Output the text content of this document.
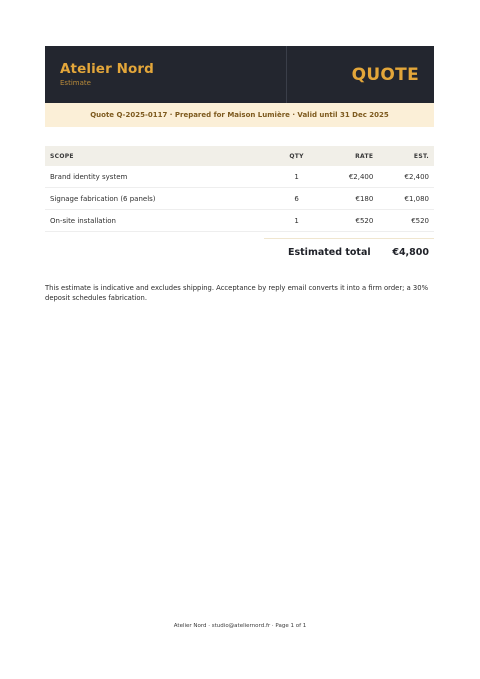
Atelier Nord
Estimate	QUOTE
Quote Q-2025-0117 · Prepared for Maison Lumière · Valid until 31 Dec 2025
SCOPE	QTY	RATE	EST.
Brand identity system	1	€2,400	€2,400
Signage fabrication (6 panels)	6	€180	€1,080
On-site installation	1	€520	€520
Estimated total €4,800
This estimate is indicative and excludes shipping. Acceptance by reply email converts it into a firm order; a 30% deposit schedules fabrication.
Atelier Nord · studio@ateliernord.fr · Page 1 of 1
